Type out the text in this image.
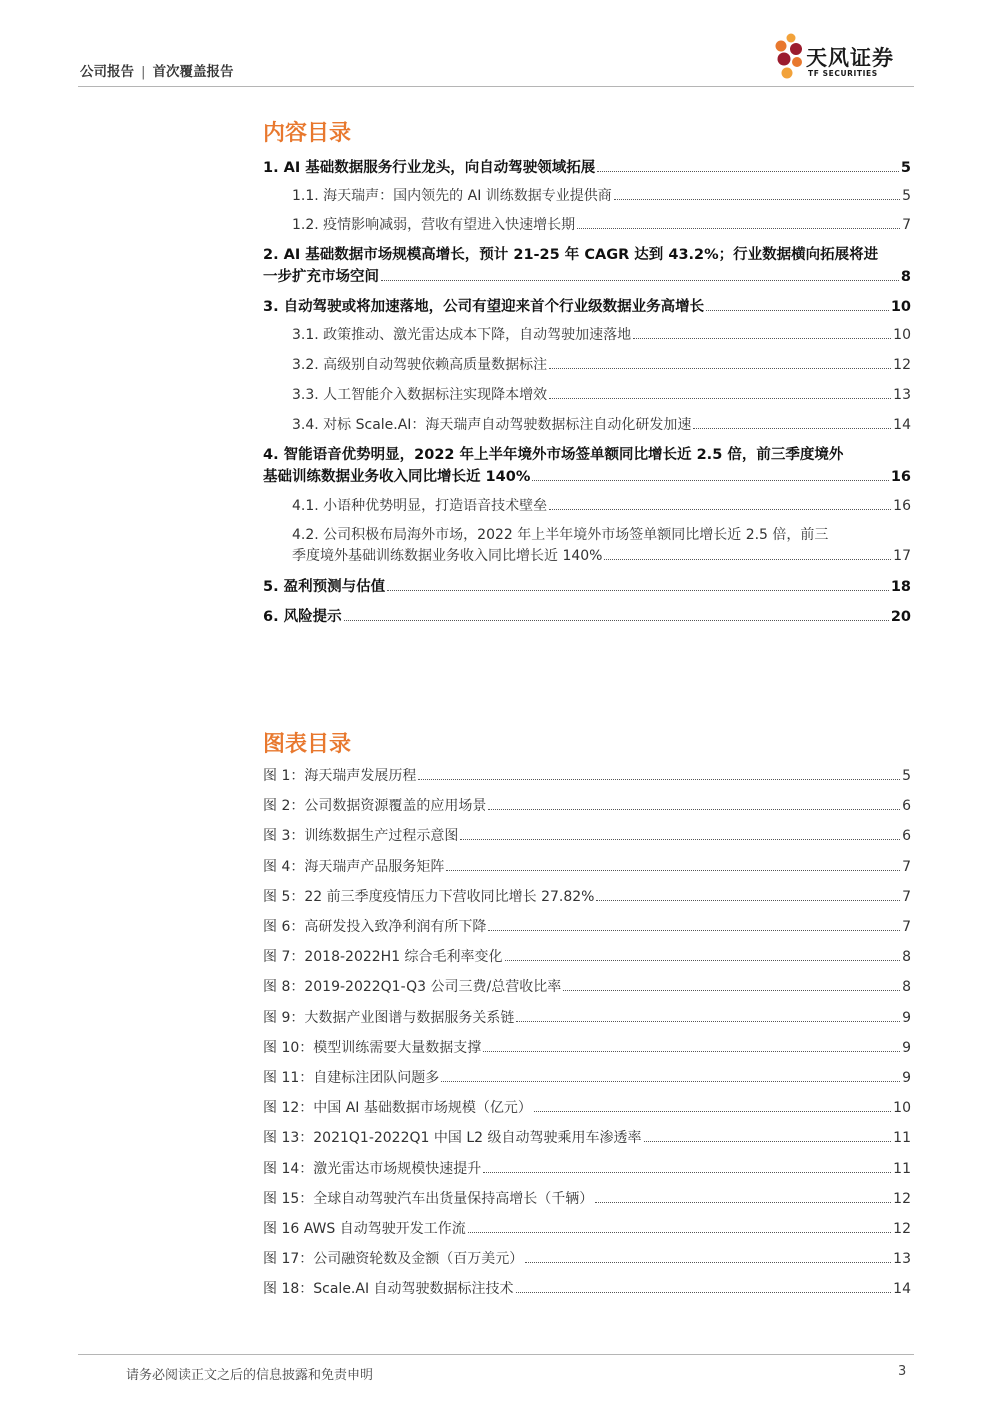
公司报告 | 首次覆盖报告
天风证券
TF SECURITIES
内容目录
1. AI 基础数据服务行业龙头，向自动驾驶领域拓展	5
1.1. 海天瑞声：国内领先的 AI 训练数据专业提供商	5
1.2. 疫情影响减弱，营收有望进入快速增长期	7
2. AI 基础数据市场规模高增长，预计 21-25 年 CAGR 达到 43.2%；行业数据横向拓展将进
一步扩充市场空间	8
3. 自动驾驶或将加速落地，公司有望迎来首个行业级数据业务高增长	10
3.1. 政策推动、激光雷达成本下降，自动驾驶加速落地	10
3.2. 高级别自动驾驶依赖高质量数据标注	12
3.3. 人工智能介入数据标注实现降本增效	13
3.4. 对标 Scale.AI：海天瑞声自动驾驶数据标注自动化研发加速	14
4. 智能语音优势明显，2022 年上半年境外市场签单额同比增长近 2.5 倍，前三季度境外
基础训练数据业务收入同比增长近 140%	16
4.1. 小语种优势明显，打造语音技术壁垒	16
4.2. 公司积极布局海外市场，2022 年上半年境外市场签单额同比增长近 2.5 倍，前三
季度境外基础训练数据业务收入同比增长近 140%	17
5. 盈利预测与估值	18
6. 风险提示	20
图表目录
图 1：海天瑞声发展历程	5
图 2：公司数据资源覆盖的应用场景	6
图 3：训练数据生产过程示意图	6
图 4：海天瑞声产品服务矩阵	7
图 5：22 前三季度疫情压力下营收同比增长 27.82%	7
图 6：高研发投入致净利润有所下降	7
图 7：2018-2022H1 综合毛利率变化	8
图 8：2019-2022Q1-Q3 公司三费/总营收比率	8
图 9：大数据产业图谱与数据服务关系链	9
图 10：模型训练需要大量数据支撑	9
图 11：自建标注团队问题多	9
图 12：中国 AI 基础数据市场规模（亿元）	10
图 13：2021Q1-2022Q1 中国 L2 级自动驾驶乘用车渗透率	11
图 14：激光雷达市场规模快速提升	11
图 15：全球自动驾驶汽车出货量保持高增长（千辆）	12
图 16 AWS 自动驾驶开发工作流	12
图 17：公司融资轮数及金额（百万美元）	13
图 18：Scale.AI 自动驾驶数据标注技术	14
请务必阅读正文之后的信息披露和免责申明	3
